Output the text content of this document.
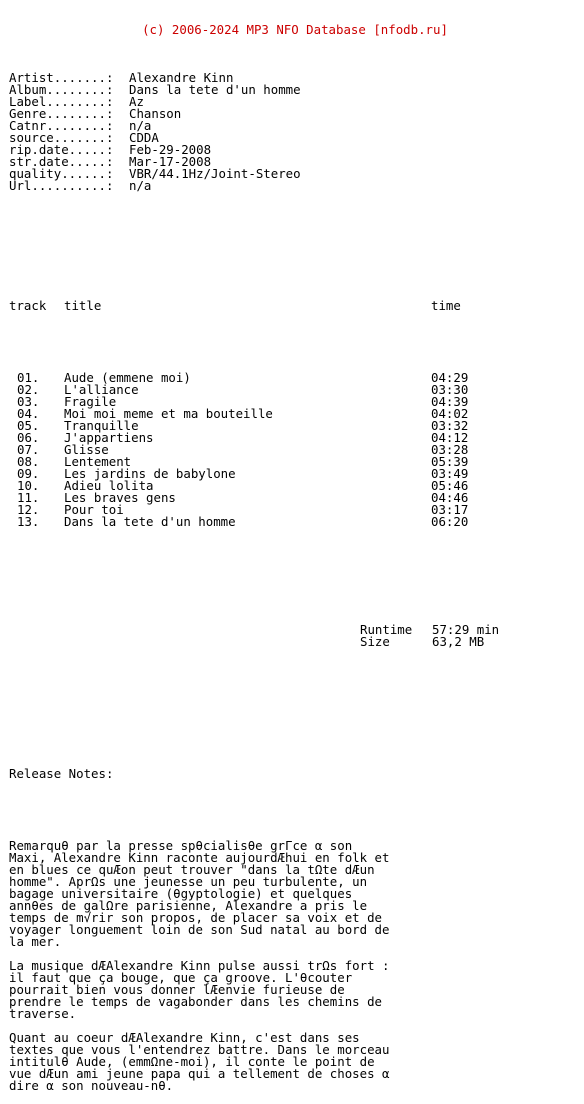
(c) 2006-2024 MP3 NFO Database [nfodb.ru]

Artist.......: Alexandre Kinn
Album........: Dans la tete d'un homme
Label........: Az
Genre........: Chanson
Catnr........: n/a
source.......: CDDA
rip.date.....: Feb-29-2008
str.date.....: Mar-17-2008
quality......: VBR/44.1Hz/Joint-Stereo
Url..........: n/a

track title	time

01. Aude (emmene moi)	04:29
02. L'alliance	03:30
03. Fragile	04:39
04. Moi moi meme et ma bouteille	04:02
05. Tranquille	03:32
06. J'appartiens	04:12
07. Glisse	03:28
08. Lentement	05:39
09. Les jardins de babylone	03:49
10. Adieu lolita	05:46
11. Les braves gens	04:46
12. Pour toi	03:17
13. Dans la tete d'un homme	06:20

Runtime 57:29 min
Size	63,2 MB

Release Notes:

Remarquθ par la presse spθcialisθe grΓce α son
Maxi, Alexandre Kinn raconte aujourdÆhui en folk et
en blues ce quÆon peut trouver "dans la tΩte dÆun
homme". AprΩs une jeunesse un peu turbulente, un
bagage universitaire (θgyptologie) et quelques
annθes de galΩre parisienne, Alexandre a pris le
temps de m√rir son propos, de placer sa voix et de
voyager longuement loin de son Sud natal au bord de
la mer.
La musique dÆAlexandre Kinn pulse aussi trΩs fort :
il faut que ça bouge, que ça groove. L'θcouter
pourrait bien vous donner lÆenvie furieuse de
prendre le temps de vagabonder dans les chemins de
traverse.
Quant au coeur dÆAlexandre Kinn, c'est dans ses
textes que vous l'entendrez battre. Dans le morceau
intitulθ Aude, (emmΩne-moi), il conte le point de
vue dÆun ami jeune papa qui a tellement de choses α
dire α son nouveau-nθ.
